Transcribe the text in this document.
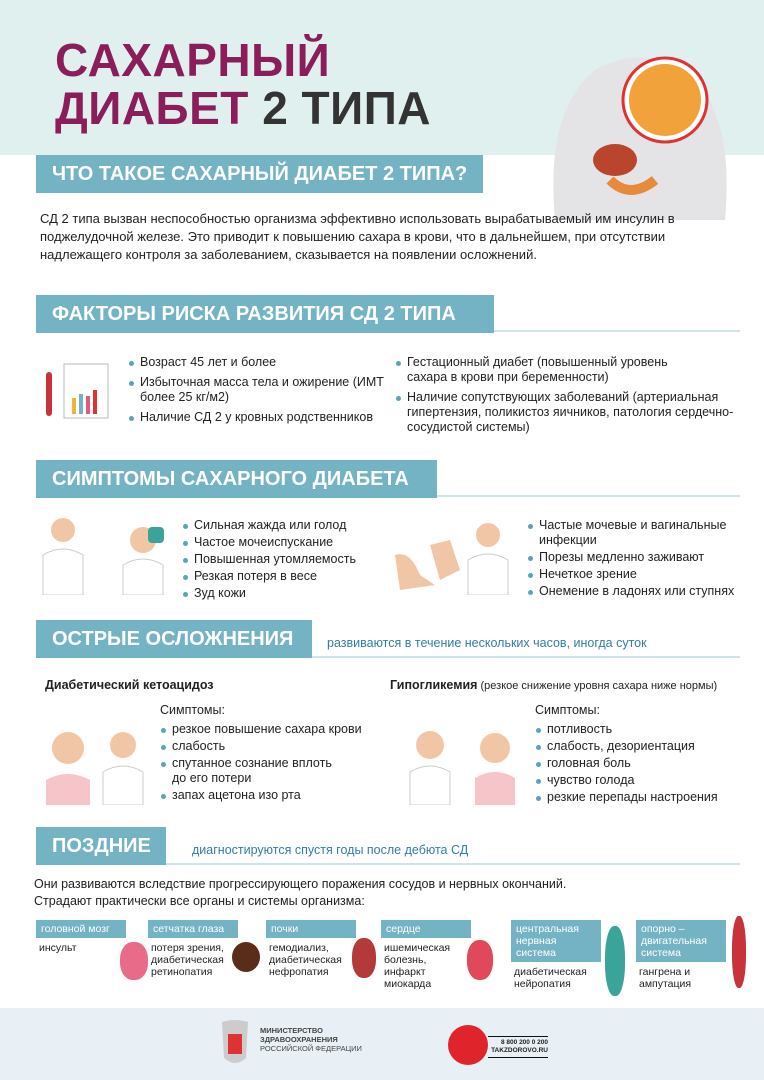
САХАРНЫЙ
ДИАБЕТ 2 ТИПА
ЧТО ТАКОЕ САХАРНЫЙ ДИАБЕТ 2 ТИПА?
СД 2 типа вызван неспособностью организма эффективно использовать вырабатываемый им инсулин в поджелудочной железе. Это приводит к повышению сахара в крови, что в дальнейшем, при отсутствии надлежащего контроля за заболеванием, сказывается на появлении осложнений.
ФАКТОРЫ РИСКА РАЗВИТИЯ СД 2 ТИПА
Возраст 45 лет и более
Избыточная масса тела и ожирение (ИМТ более 25 кг/м2)
Наличие СД 2 у кровных родственников
Гестационный диабет (повышенный уровень сахара в крови при беременности)
Наличие сопутствующих заболеваний (артериальная гипертензия, поликистоз яичников, патология сердечно-сосудистой системы)
СИМПТОМЫ САХАРНОГО ДИАБЕТА
Сильная жажда или голод
Частое мочеиспускание
Повышенная утомляемость
Резкая потеря в весе
Зуд кожи
Частые мочевые и вагинальные инфекции
Порезы медленно заживают
Нечеткое зрение
Онемение в ладонях или ступнях
ОСТРЫЕ ОСЛОЖНЕНИЯ	развиваются в течение нескольких часов, иногда суток
Диабетический кетоацидоз
Симптомы:
резкое повышение сахара крови
слабость
спутанное сознание вплоть до его потери
запах ацетона изо рта
Гипогликемия (резкое снижение уровня сахара ниже нормы)
Симптомы:
потливость
слабость, дезориентация
головная боль
чувство голода
резкие перепады настроения
ПОЗДНИЕ	диагностируются спустя годы после дебюта СД
Они развиваются вследствие прогрессирующего поражения сосудов и нервных окончаний.
Страдают практически все органы и системы организма:
головной мозг
инсульт
сетчатка глаза
потеря зрения, диабетическая ретинопатия
почки
гемодиализ, диабетическая нефропатия
сердце
ишемическая болезнь, инфаркт миокарда
центральная нервная система
диабетическая нейропатия
опорно – двигательная система
гангрена и ампутация
МИНИСТЕРСТВО
ЗДРАВООХРАНЕНИЯ
РОССИЙСКОЙ ФЕДЕРАЦИИ
8 800 200 0 200
TAKZDOROVO.RU
